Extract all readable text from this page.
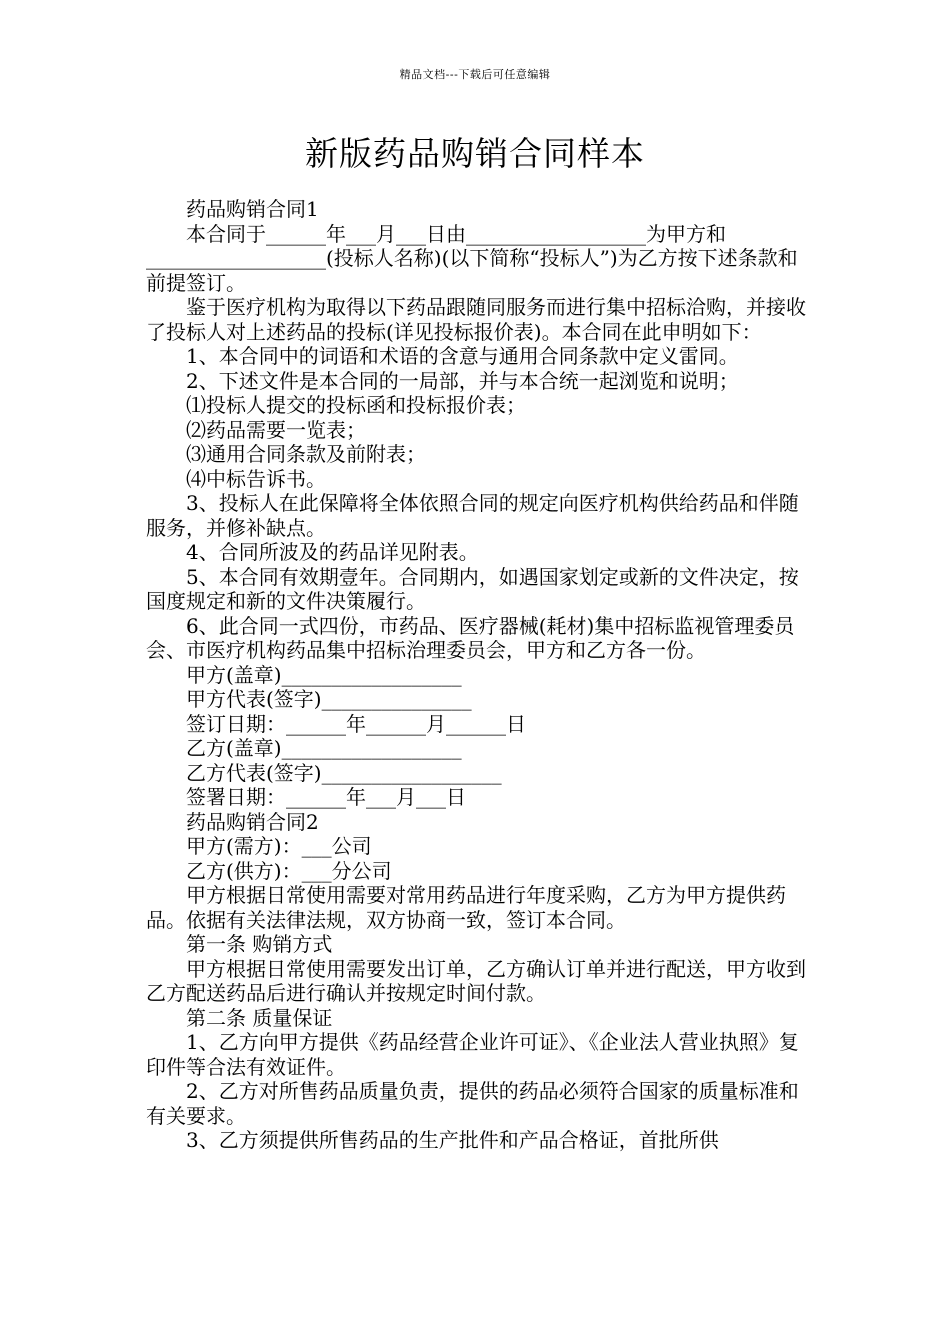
精品文档---下载后可任意编辑
新版药品购销合同样本

药品购销合同1

本合同于______年___月___日由__________________为甲方和__________________(投标人名称)(以下简称“投标人”)为乙方按下述条款和前提签订。

鉴于医疗机构为取得以下药品跟随同服务而进行集中招标洽购，并接收了投标人对上述药品的投标(详见投标报价表)。本合同在此申明如下：

1、本合同中的词语和术语的含意与通用合同条款中定义雷同。

2、下述文件是本合同的一局部，并与本合统一起浏览和说明；

⑴投标人提交的投标函和投标报价表；

⑵药品需要一览表；

⑶通用合同条款及前附表；

⑷中标告诉书。

3、投标人在此保障将全体依照合同的规定向医疗机构供给药品和伴随服务，并修补缺点。

4、合同所波及的药品详见附表。

5、本合同有效期壹年。合同期内，如遇国家划定或新的文件决定，按国度规定和新的文件决策履行。

6、此合同一式四份，市药品、医疗器械(耗材)集中招标监视管理委员会、市医疗机构药品集中招标治理委员会，甲方和乙方各一份。

甲方(盖章)__________________

甲方代表(签字)_______________

签订日期：______年______月______日

乙方(盖章)__________________

乙方代表(签字)__________________

签署日期：______年___月___日

药品购销合同2

甲方(需方)：___公司

乙方(供方)：___分公司

甲方根据日常使用需要对常用药品进行年度采购，乙方为甲方提供药品。依据有关法律法规，双方协商一致，签订本合同。

第一条 购销方式

甲方根据日常使用需要发出订单，乙方确认订单并进行配送，甲方收到乙方配送药品后进行确认并按规定时间付款。

第二条 质量保证

1、乙方向甲方提供《药品经营企业许可证》、《企业法人营业执照》复印件等合法有效证件。

2、乙方对所售药品质量负责，提供的药品必须符合国家的质量标准和有关要求。

3、乙方须提供所售药品的生产批件和产品合格证，首批所供
